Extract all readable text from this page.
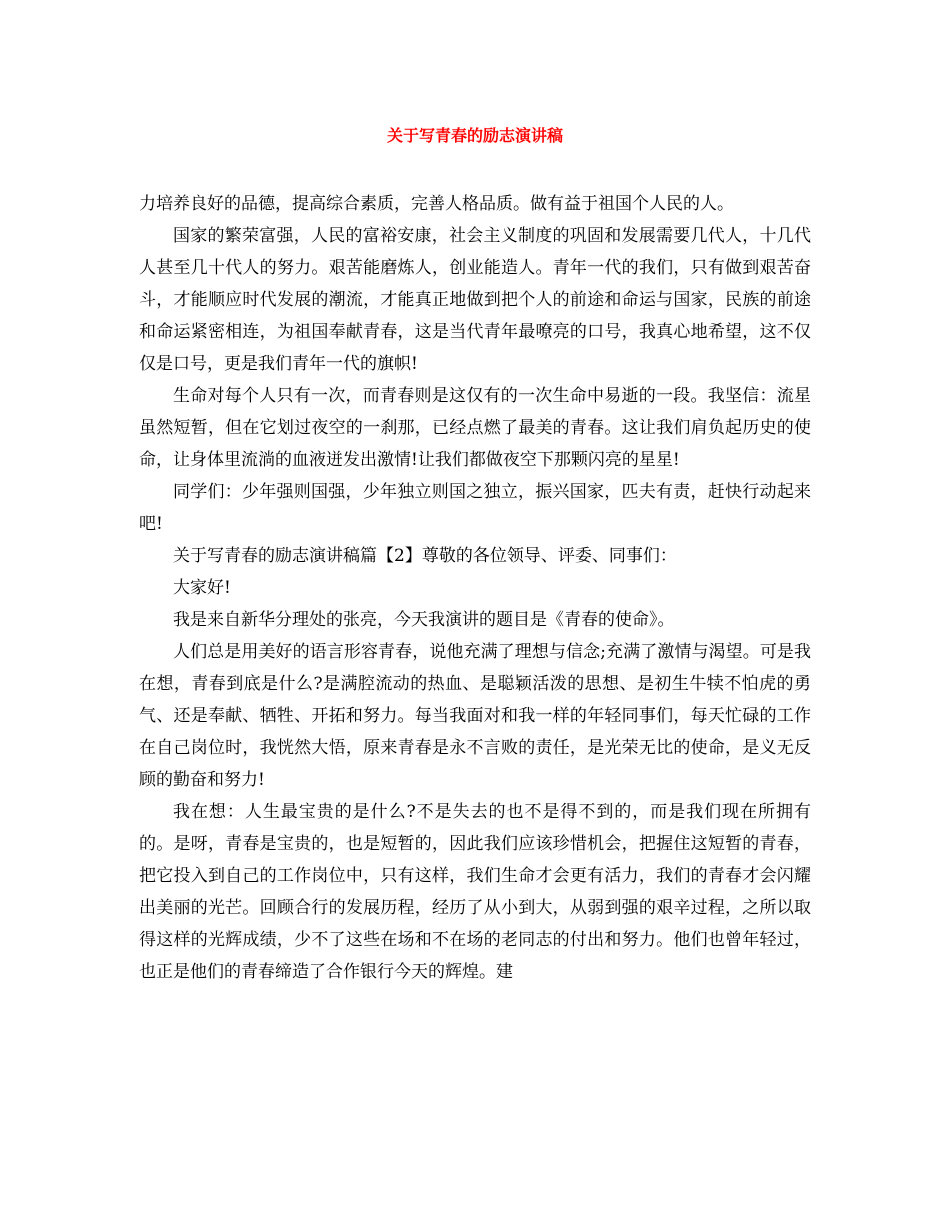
关于写青春的励志演讲稿

力培养良好的品德，提高综合素质，完善人格品质。做有益于祖国个人民的人。

国家的繁荣富强，人民的富裕安康，社会主义制度的巩固和发展需要几代人，十几代人甚至几十代人的努力。艰苦能磨炼人，创业能造人。青年一代的我们，只有做到艰苦奋斗，才能顺应时代发展的潮流，才能真正地做到把个人的前途和命运与国家，民族的前途和命运紧密相连，为祖国奉献青春，这是当代青年最嘹亮的口号，我真心地希望，这不仅仅是口号，更是我们青年一代的旗帜!

生命对每个人只有一次，而青春则是这仅有的一次生命中易逝的一段。我坚信：流星虽然短暂，但在它划过夜空的一刹那，已经点燃了最美的青春。这让我们肩负起历史的使命，让身体里流淌的血液迸发出激情!让我们都做夜空下那颗闪亮的星星!

同学们：少年强则国强，少年独立则国之独立，振兴国家，匹夫有责，赶快行动起来吧!

关于写青春的励志演讲稿篇【2】尊敬的各位领导、评委、同事们：

大家好!

我是来自新华分理处的张亮，今天我演讲的题目是《青春的使命》。

人们总是用美好的语言形容青春，说他充满了理想与信念;充满了激情与渴望。可是我在想，青春到底是什么?是满腔流动的热血、是聪颖活泼的思想、是初生牛犊不怕虎的勇气、还是奉献、牺牲、开拓和努力。每当我面对和我一样的年轻同事们，每天忙碌的工作在自己岗位时，我恍然大悟，原来青春是永不言败的责任，是光荣无比的使命，是义无反顾的勤奋和努力!

我在想：人生最宝贵的是什么?不是失去的也不是得不到的，而是我们现在所拥有的。是呀，青春是宝贵的，也是短暂的，因此我们应该珍惜机会，把握住这短暂的青春，把它投入到自己的工作岗位中，只有这样，我们生命才会更有活力，我们的青春才会闪耀出美丽的光芒。回顾合行的发展历程，经历了从小到大，从弱到强的艰辛过程，之所以取得这样的光辉成绩，少不了这些在场和不在场的老同志的付出和努力。他们也曾年轻过，也正是他们的青春缔造了合作银行今天的辉煌。建
